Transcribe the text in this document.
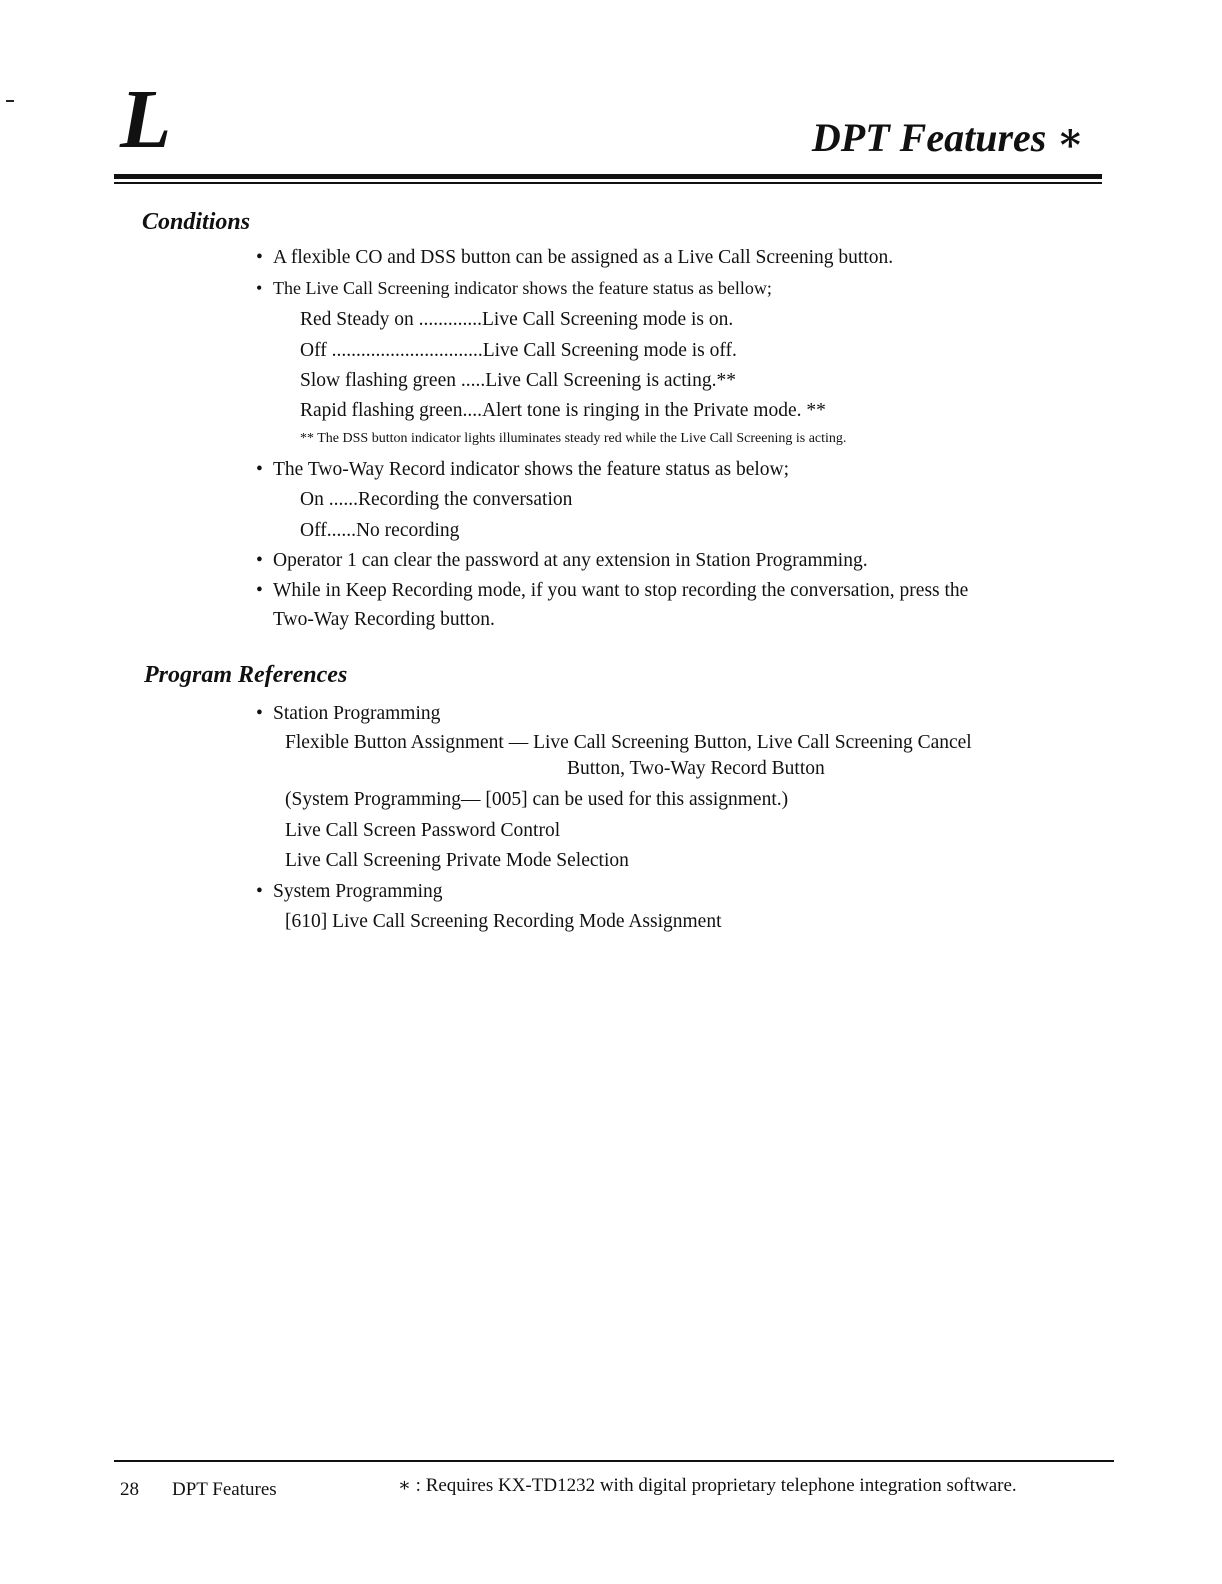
L	DPT Features ∗
Conditions
• A flexible CO and DSS button can be assigned as a Live Call Screening button.
• The Live Call Screening indicator shows the feature status as bellow;
Red Steady on .............Live Call Screening mode is on.
Off ...............................Live Call Screening mode is off.
Slow flashing green .....Live Call Screening is acting.**
Rapid flashing green....Alert tone is ringing in the Private mode. **
** The DSS button indicator lights illuminates steady red while the Live Call Screening is acting.
• The Two-Way Record indicator shows the feature status as below;
On ......Recording the conversation
Off......No recording
• Operator 1 can clear the password at any extension in Station Programming.
• While in Keep Recording mode, if you want to stop recording the conversation, press the
Two-Way Recording button.
Program References
• Station Programming
Flexible Button Assignment — Live Call Screening Button, Live Call Screening Cancel
Button, Two-Way Record Button
(System Programming— [005] can be used for this assignment.)
Live Call Screen Password Control
Live Call Screening Private Mode Selection
• System Programming
[610] Live Call Screening Recording Mode Assignment
28 DPT Features	∗ : Requires KX-TD1232 with digital proprietary telephone integration software.
